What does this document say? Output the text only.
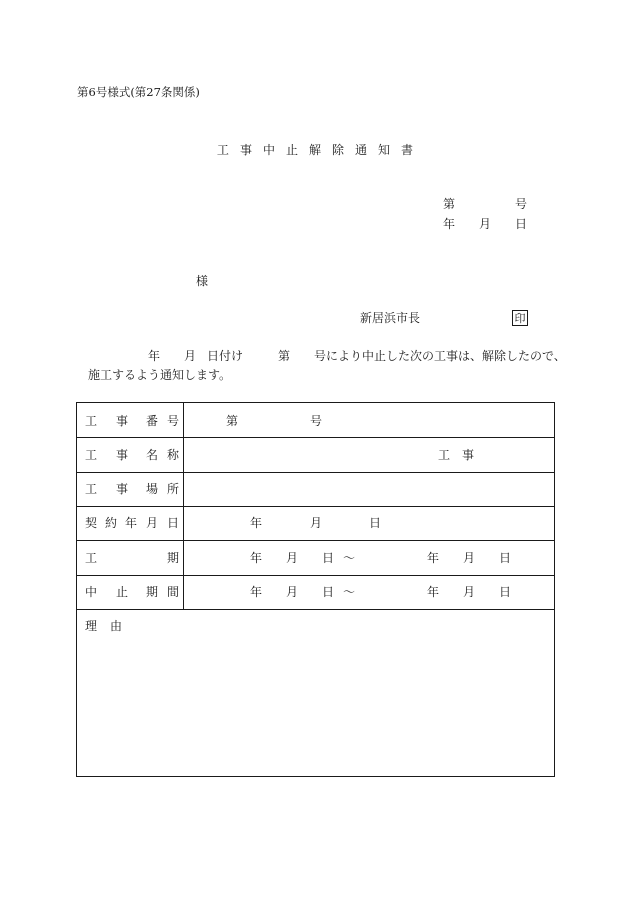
第6号様式(第27条関係)
工 事 中 止 解 除 通 知 書
第	号
年 月 日
様
新居浜市長	印
年 月 日付け	第 号により中止した次の工事は、解除したので、
施工するよう通知します。
工 事 番 号	第	号
工 事 名 称	工　事
工 事 場 所
契 約 年 月 日	年	月	日
工	期	年 月 日 ～	年 月 日
中 止 期 間	年 月 日 ～	年 月 日
理 由
